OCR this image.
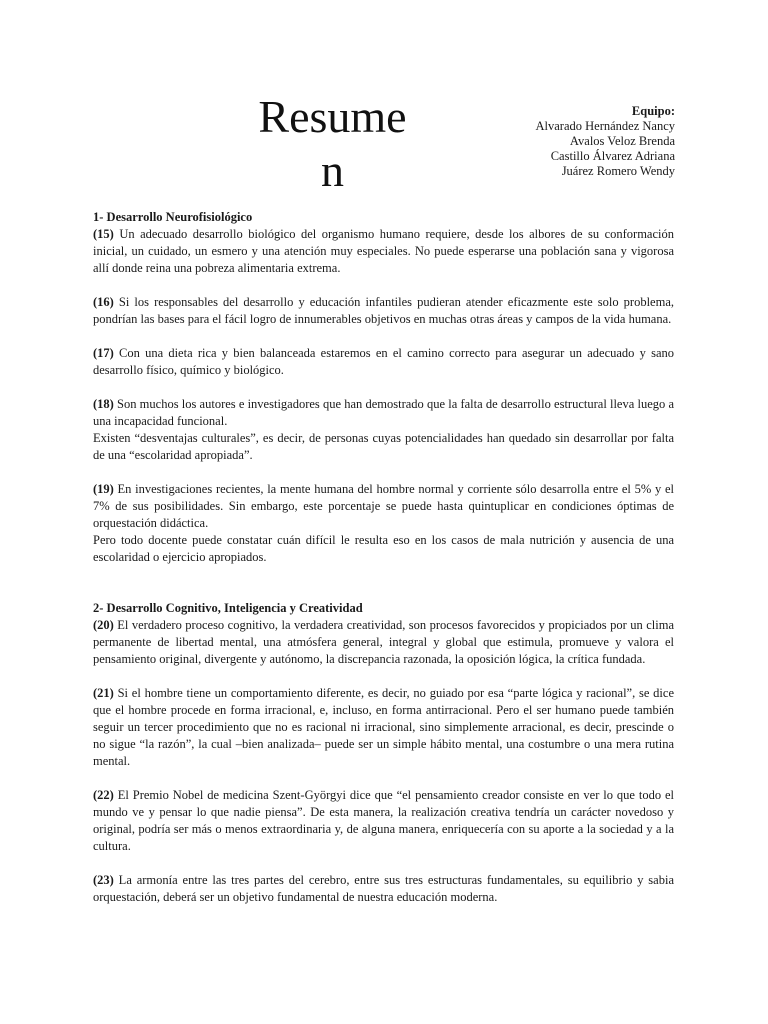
Resumen
Equipo:
Alvarado Hernández Nancy
Avalos Veloz Brenda
Castillo Álvarez Adriana
Juárez Romero Wendy
1- Desarrollo Neurofisiológico

(15) Un adecuado desarrollo biológico del organismo humano requiere, desde los albores de su conformación inicial, un cuidado, un esmero y una atención muy especiales. No puede esperarse una población sana y vigorosa allí donde reina una pobreza alimentaria extrema.

(16) Si los responsables del desarrollo y educación infantiles pudieran atender eficazmente este solo problema, pondrían las bases para el fácil logro de innumerables objetivos en muchas otras áreas y campos de la vida humana.

(17) Con una dieta rica y bien balanceada estaremos en el camino correcto para asegurar un adecuado y sano desarrollo físico, químico y biológico.

(18) Son muchos los autores e investigadores que han demostrado que la falta de desarrollo estructural lleva luego a una incapacidad funcional.
Existen “desventajas culturales”, es decir, de personas cuyas potencialidades han quedado sin desarrollar por falta de una “escolaridad apropiada”.

(19) En investigaciones recientes, la mente humana del hombre normal y corriente sólo desarrolla entre el 5% y el 7% de sus posibilidades. Sin embargo, este porcentaje se puede hasta quintuplicar en condiciones óptimas de orquestación didáctica.
Pero todo docente puede constatar cuán difícil le resulta eso en los casos de mala nutrición y ausencia de una escolaridad o ejercicio apropiados.

2- Desarrollo Cognitivo, Inteligencia y Creatividad

(20) El verdadero proceso cognitivo, la verdadera creatividad, son procesos favorecidos y propiciados por un clima permanente de libertad mental, una atmósfera general, integral y global que estimula, promueve y valora el pensamiento original, divergente y autónomo, la discrepancia razonada, la oposición lógica, la crítica fundada.

(21) Si el hombre tiene un comportamiento diferente, es decir, no guiado por esa “parte lógica y racional”, se dice que el hombre procede en forma irracional, e, incluso, en forma antirracional. Pero el ser humano puede también seguir un tercer procedimiento que no es racional ni irracional, sino simplemente arracional, es decir, prescinde o no sigue “la razón”, la cual –bien analizada– puede ser un simple hábito mental, una costumbre o una mera rutina mental.

(22) El Premio Nobel de medicina Szent-Györgyi dice que “el pensamiento creador consiste en ver lo que todo el mundo ve y pensar lo que nadie piensa”. De esta manera, la realización creativa tendría un carácter novedoso y original, podría ser más o menos extraordinaria y, de alguna manera, enriquecería con su aporte a la sociedad y a la cultura.

(23) La armonía entre las tres partes del cerebro, entre sus tres estructuras fundamentales, su equilibrio y sabia orquestación, deberá ser un objetivo fundamental de nuestra educación moderna.
